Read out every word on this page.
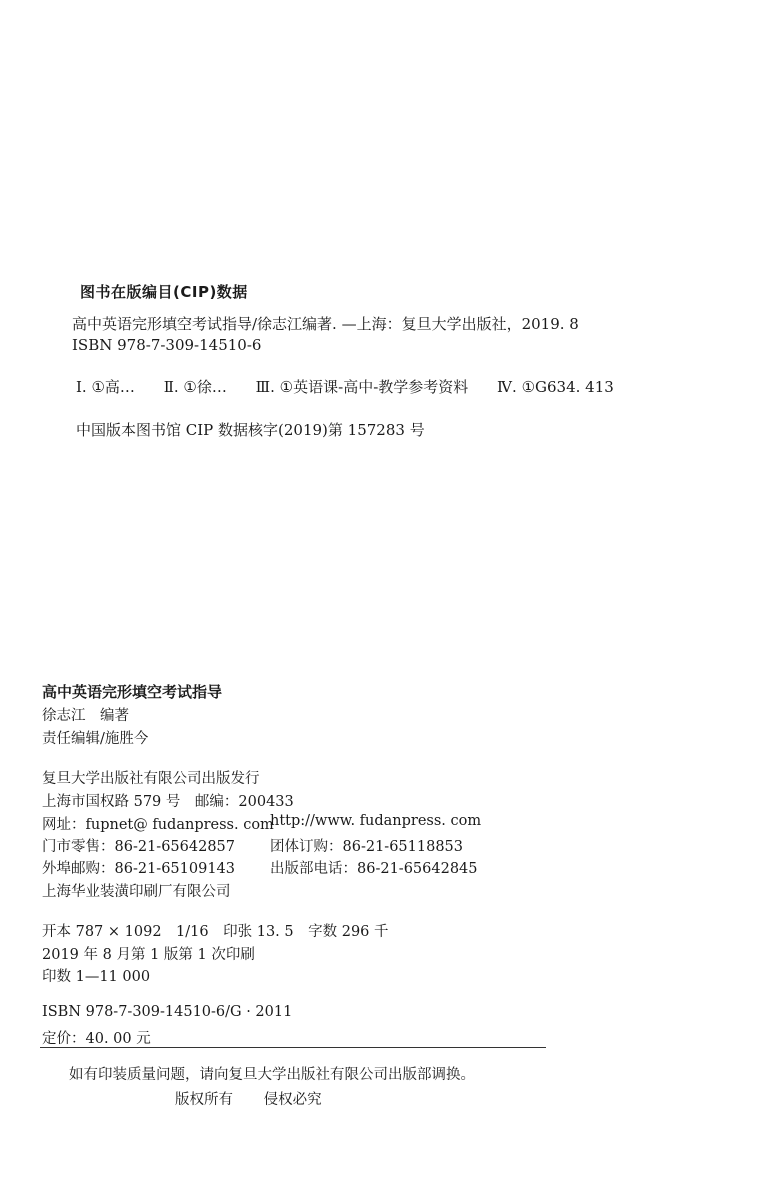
图书在版编目(CIP)数据
高中英语完形填空考试指导/徐志江编著. —上海：复旦大学出版社，2019. 8
ISBN 978-7-309-14510-6
Ⅰ. ①高… Ⅱ. ①徐… Ⅲ. ①英语课-高中-教学参考资料 Ⅳ. ①G634. 413
中国版本图书馆 CIP 数据核字(2019)第 157283 号
高中英语完形填空考试指导
徐志江　编著
责任编辑/施胜今
复旦大学出版社有限公司出版发行
上海市国权路 579 号　邮编：200433
网址：fupnet@ fudanpress. com
http://www. fudanpress. com
门市零售：86-21-65642857 团体订购：86-21-65118853
外埠邮购：86-21-65109143 出版部电话：86-21-65642845
上海华业装潢印刷厂有限公司
开本 787 × 1092　1/16　印张 13. 5　字数 296 千
2019 年 8 月第 1 版第 1 次印刷
印数 1—11 000
ISBN 978-7-309-14510-6/G · 2011
定价：40. 00 元
如有印装质量问题，请向复旦大学出版社有限公司出版部调换。
版权所有 侵权必究
